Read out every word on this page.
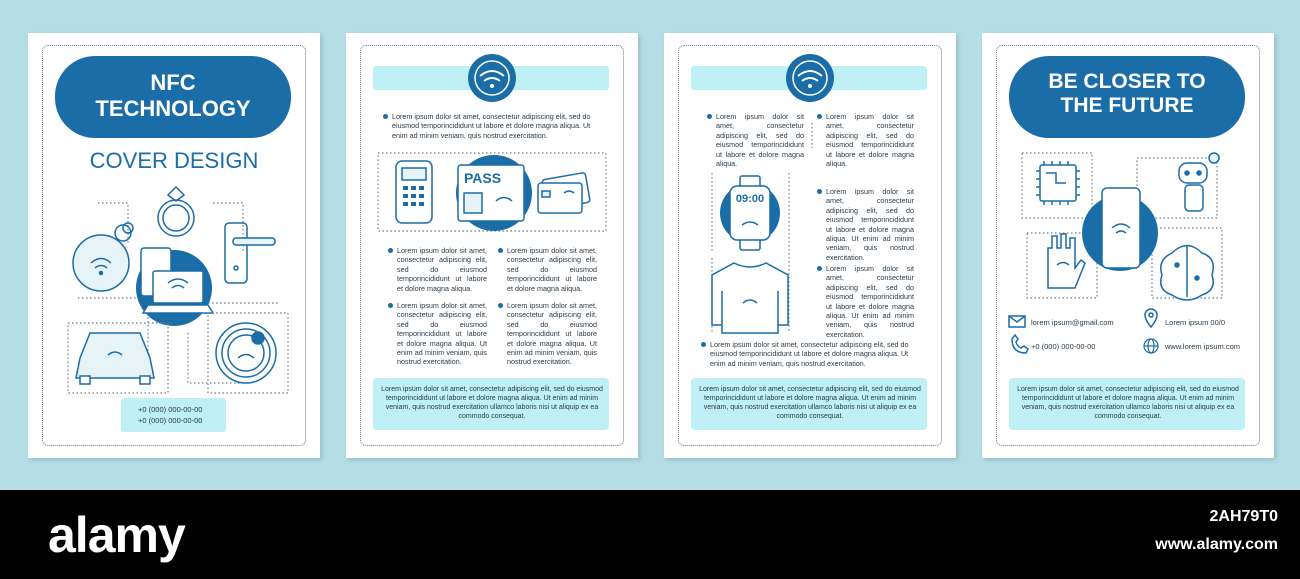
NFC
TECHNOLOGY
COVER DESIGN
+0 (000) 000-00-00
+0 (000) 000-00-00
PASS
Lorem ipsum dolor sit amet, consectetur adipiscing elit, sed do eiusmod temporincididunt ut labore et dolore magna aliqua. Ut enim ad minim veniam, quis nostrud exercitation.
Lorem ipsum dolor sit amet, consectetur adipiscing elit, sed do eiusmod temporincididunt ut labore et dolore magna aliqua.
Lorem ipsum dolor sit amet, consectetur adipiscing elit, sed do eiusmod temporincididunt ut labore et dolore magna aliqua.
Lorem ipsum dolor sit amet, consectetur adipiscing elit, sed do eiusmod temporincididunt ut labore et dolore magna aliqua. Ut enim ad minim veniam, quis nostrud exercitation.
Lorem ipsum dolor sit amet, consectetur adipiscing elit, sed do eiusmod temporincididunt ut labore et dolore magna aliqua. Ut enim ad minim veniam, quis nostrud exercitation.
Lorem ipsum dolor sit amet, consectetur adipiscing elit, sed do eiusmod temporincididunt ut labore et dolore magna aliqua. Ut enim ad minim veniam, quis nostrud exercitation ullamco laboris nisi ut aliquip ex ea commodo consequat.
09:00
Lorem ipsum dolor sit amet, consectetur adipiscing elit, sed do eiusmod temporincididunt ut labore et dolore magna aliqua.
Lorem ipsum dolor sit amet, consectetur adipiscing elit, sed do eiusmod temporincididunt ut labore et dolore magna aliqua.
Lorem ipsum dolor sit amet, consectetur adipiscing elit, sed do eiusmod temporincididunt ut labore et dolore magna aliqua. Ut enim ad minim veniam, quis nostrud exercitation.
Lorem ipsum dolor sit amet, consectetur adipiscing elit, sed do eiusmod temporincididunt ut labore et dolore magna aliqua. Ut enim ad minim veniam, quis nostrud exercitation.
Lorem ipsum dolor sit amet, consectetur adipiscing elit, sed do eiusmod temporincididunt ut labore et dolore magna aliqua. Ut enim ad minim veniam, quis nostrud exercitation.
Lorem ipsum dolor sit amet, consectetur adipiscing elit, sed do eiusmod temporincididunt ut labore et dolore magna aliqua. Ut enim ad minim veniam, quis nostrud exercitation ullamco laboris nisi ut aliquip ex ea commodo consequat.
BE CLOSER TO
THE FUTURE
lorem ipsum@gmail.com	Lorem ipsum 00/0
+0 (000) 000-00-00	www.lorem ipsum.com
Lorem ipsum dolor sit amet, consectetur adipiscing elit, sed do eiusmod temporincididunt ut labore et dolore magna aliqua. Ut enim ad minim veniam, quis nostrud exercitation ullamco laboris nisi ut aliquip ex ea commodo consequat.
alamy	2AH79T0
www.alamy.com
